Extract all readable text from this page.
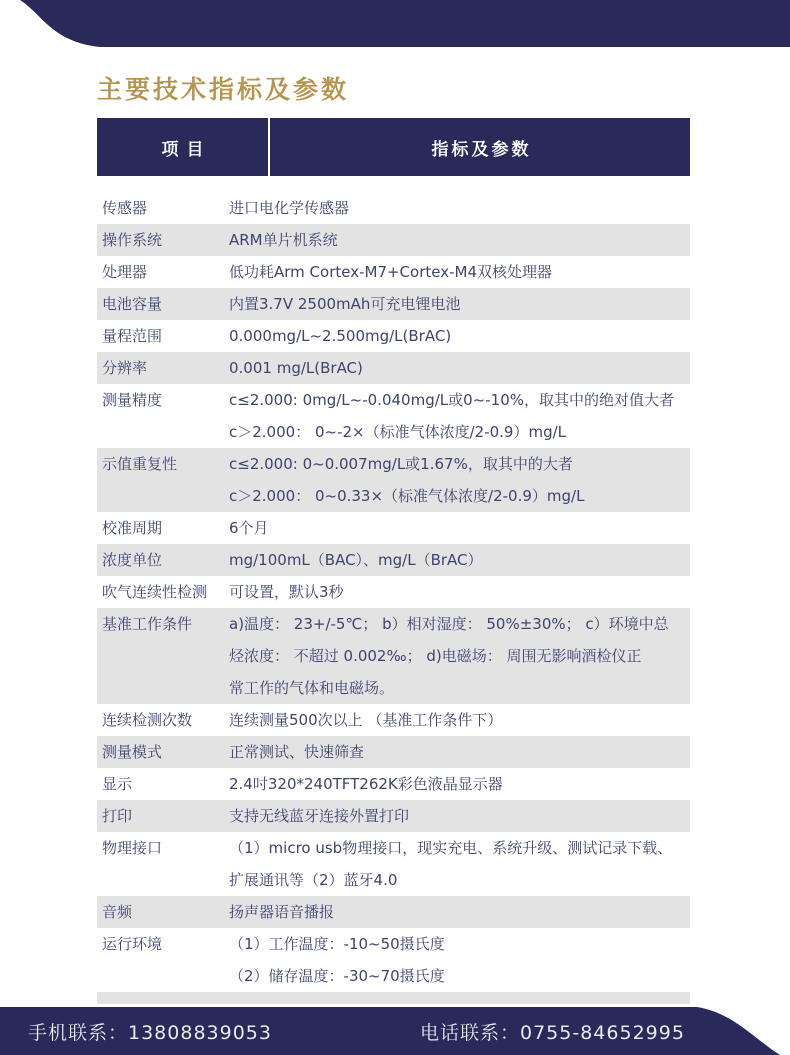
主要技术指标及参数
项目	指标及参数
传感器	进口电化学传感器
操作系统	ARM单片机系统
处理器	低功耗Arm Cortex-M7+Cortex-M4双核处理器
电池容量	内置3.7V 2500mAh可充电锂电池
量程范围	0.000mg/L~2.500mg/L(BrAC)
分辨率	0.001 mg/L(BrAC)
测量精度	c≤2.000: 0mg/L~-0.040mg/L或0~-10%，取其中的绝对值大者
c＞2.000： 0~-2×（标准气体浓度/2-0.9）mg/L
示值重复性	c≤2.000: 0~0.007mg/L或1.67%，取其中的大者
c＞2.000： 0~0.33×（标准气体浓度/2-0.9）mg/L
校准周期	6个月
浓度单位	mg/100mL（BAC）、mg/L（BrAC）
吹气连续性检测	可设置，默认3秒
基准工作条件	a)温度： 23+/-5℃； b）相对湿度： 50%±30%； c）环境中总
烃浓度： 不超过 0.002‰； d)电磁场： 周围无影响酒检仪正
常工作的气体和电磁场。
连续检测次数	连续测量500次以上 （基准工作条件下）
测量模式	正常测试、快速筛查
显示	2.4吋320*240TFT262K彩色液晶显示器
打印	支持无线蓝牙连接外置打印
物理接口	（1）micro usb物理接口，现实充电、系统升级、测试记录下载、
扩展通讯等（2）蓝牙4.0
音频	扬声器语音播报
运行环境	（1）工作温度：-10~50摄氏度
（2）储存温度：-30~70摄氏度
手机联系：13808839053	电话联系：0755-84652995
